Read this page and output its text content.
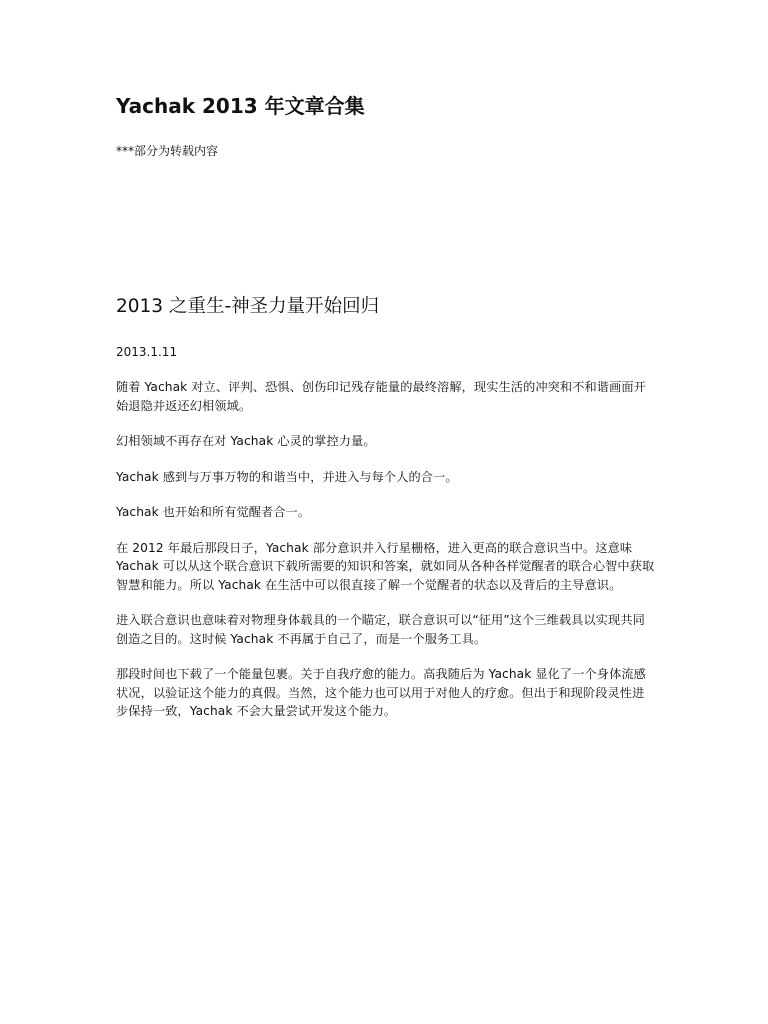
Yachak 2013 年文章合集
***部分为转载内容
2013 之重生-神圣力量开始回归
2013.1.11

随着 Yachak 对立、评判、恐惧、创伤印记残存能量的最终溶解，现实生活的冲突和不和谐画面开始退隐并返还幻相领域。

幻相领域不再存在对 Yachak 心灵的掌控力量。

Yachak 感到与万事万物的和谐当中，并进入与每个人的合一。

Yachak 也开始和所有觉醒者合一。

在 2012 年最后那段日子，Yachak 部分意识并入行星栅格，进入更高的联合意识当中。这意味 Yachak 可以从这个联合意识下载所需要的知识和答案，就如同从各种各样觉醒者的联合心智中获取智慧和能力。所以 Yachak 在生活中可以很直接了解一个觉醒者的状态以及背后的主导意识。

进入联合意识也意味着对物理身体载具的一个瞄定，联合意识可以“征用”这个三维载具以实现共同创造之目的。这时候 Yachak 不再属于自己了，而是一个服务工具。

那段时间也下载了一个能量包裹。关于自我疗愈的能力。高我随后为 Yachak 显化了一个身体流感状况，以验证这个能力的真假。当然，这个能力也可以用于对他人的疗愈。但出于和现阶段灵性进步保持一致，Yachak 不会大量尝试开发这个能力。
